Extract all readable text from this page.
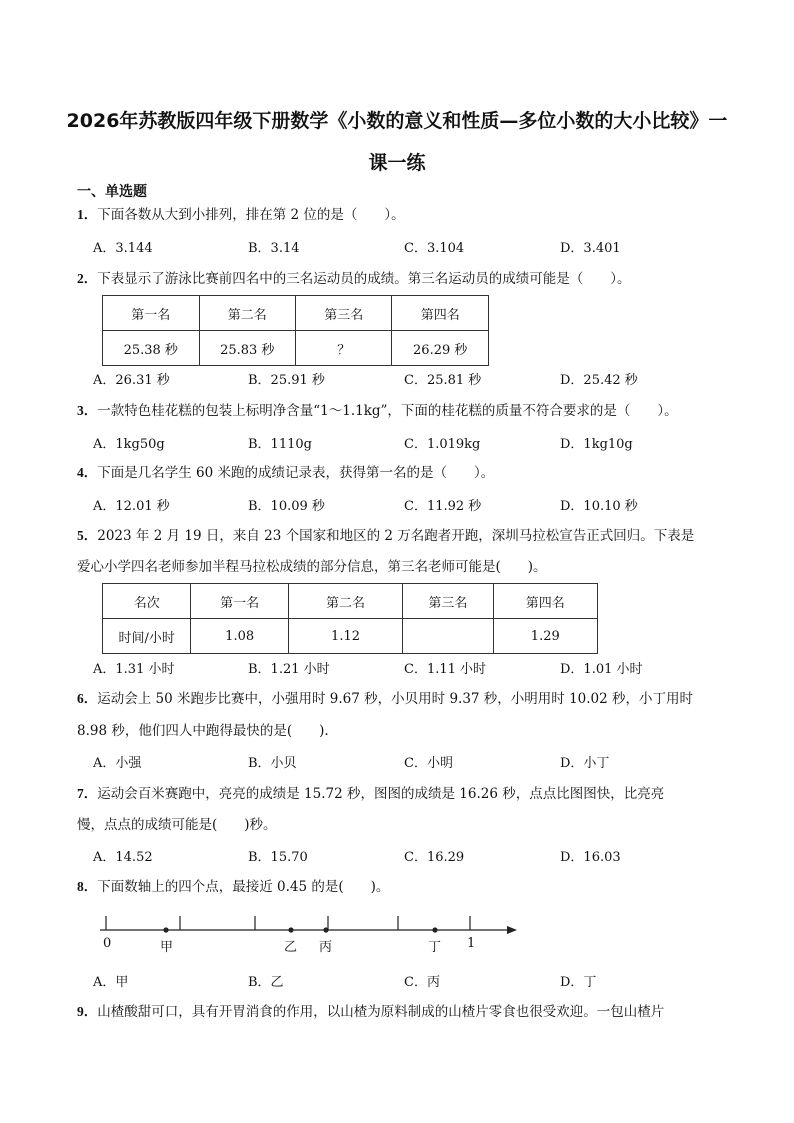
2026年苏教版四年级下册数学《小数的意义和性质—多位小数的大小比较》一
课一练
一、单选题
1．下面各数从大到小排列，排在第 2 位的是（　　）。
A．3.144	B．3.14	C．3.104	D．3.401
2．下表显示了游泳比赛前四名中的三名运动员的成绩。第三名运动员的成绩可能是（　　）。
第一名	第二名	第三名	第四名
25.38 秒	25.83 秒	？	26.29 秒
A．26.31 秒	B．25.91 秒	C．25.81 秒	D．25.42 秒
3．一款特色桂花糕的包装上标明净含量“1～1.1kg”，下面的桂花糕的质量不符合要求的是（　　）。
A．1kg50g	B．1110g	C．1.019kg	D．1kg10g
4．下面是几名学生 60 米跑的成绩记录表，获得第一名的是（　　）。
A．12.01 秒	B．10.09 秒	C．11.92 秒	D．10.10 秒
5．2023 年 2 月 19 日，来自 23 个国家和地区的 2 万名跑者开跑，深圳马拉松宣告正式回归。下表是
爱心小学四名老师参加半程马拉松成绩的部分信息，第三名老师可能是(　　)。
名次	第一名	第二名	第三名	第四名
时间/小时	1.08	1.12		1.29
A．1.31 小时	B．1.21 小时	C．1.11 小时	D．1.01 小时
6．运动会上 50 米跑步比赛中，小强用时 9.67 秒，小贝用时 9.37 秒，小明用时 10.02 秒，小丁用时
8.98 秒，他们四人中跑得最快的是(　　).
A．小强	B．小贝	C．小明	D．小丁
7．运动会百米赛跑中，亮亮的成绩是 15.72 秒，图图的成绩是 16.26 秒，点点比图图快，比亮亮
慢，点点的成绩可能是(　　)秒。
A．14.52	B．15.70	C．16.29	D．16.03
8．下面数轴上的四个点，最接近 0.45 的是(　　)。
0	甲	乙 丙	丁 1
A．甲	B．乙	C．丙	D．丁
9．山楂酸甜可口，具有开胃消食的作用，以山楂为原料制成的山楂片零食也很受欢迎。一包山楂片
